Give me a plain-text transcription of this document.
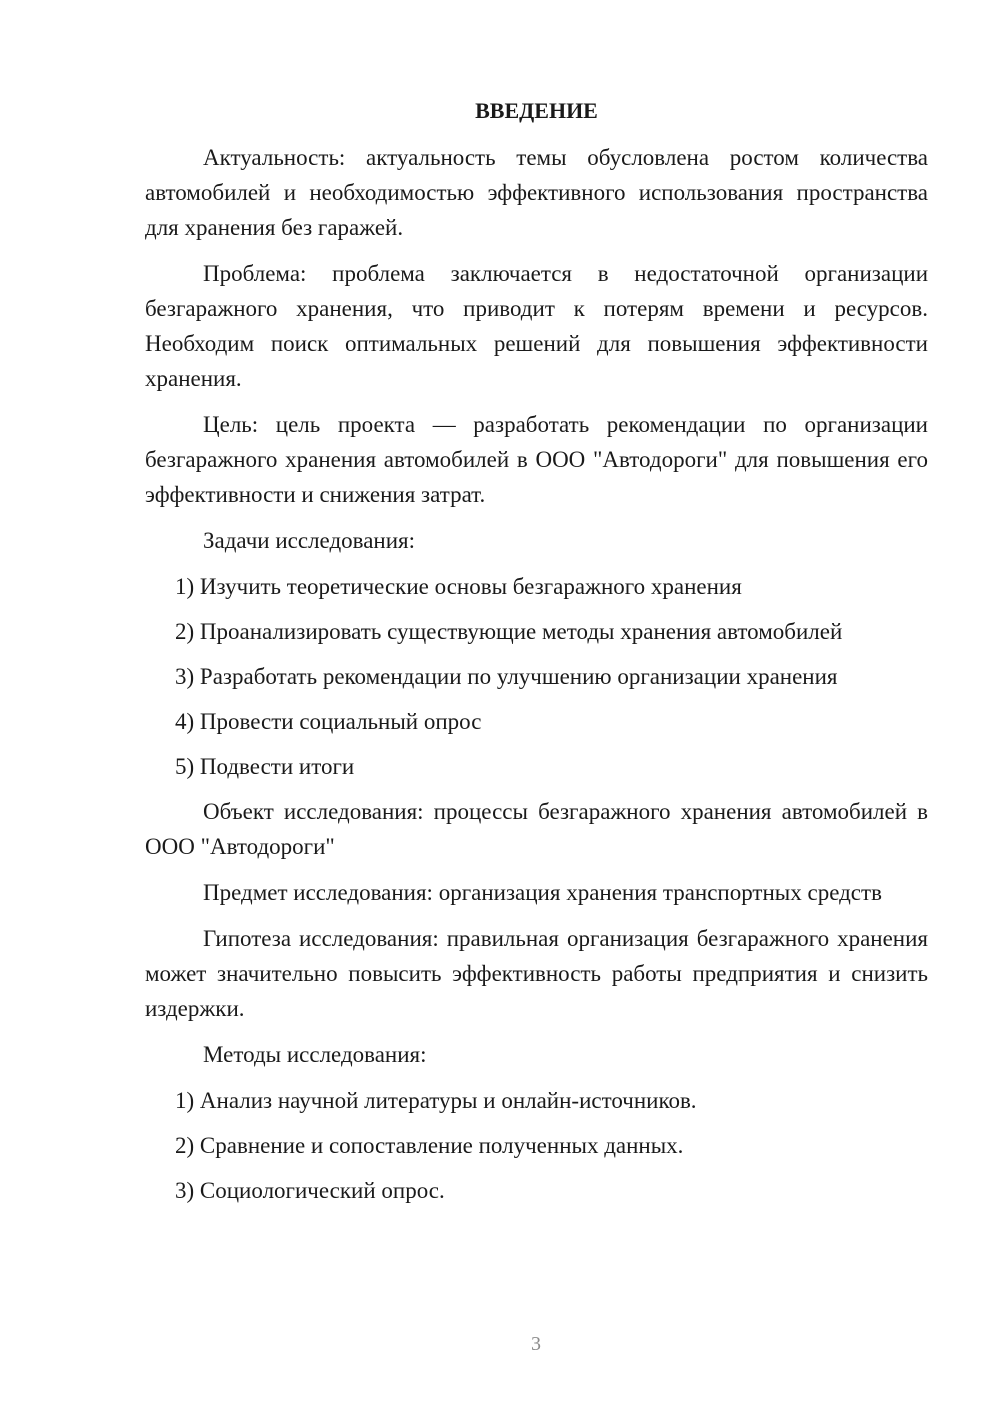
ВВЕДЕНИЕ

Актуальность: актуальность темы обусловлена ростом количества автомобилей и необходимостью эффективного использования пространства для хранения без гаражей.

Проблема: проблема заключается в недостаточной организации безгаражного хранения, что приводит к потерям времени и ресурсов. Необходим поиск оптимальных решений для повышения эффективности хранения.

Цель: цель проекта — разработать рекомендации по организации безгаражного хранения автомобилей в ООО "Автодороги" для повышения его эффективности и снижения затрат.

Задачи исследования:

1) Изучить теоретические основы безгаражного хранения
2) Проанализировать существующие методы хранения автомобилей
3) Разработать рекомендации по улучшению организации хранения
4) Провести социальный опрос
5) Подвести итоги

Объект исследования: процессы безгаражного хранения автомобилей в ООО "Автодороги"

Предмет исследования: организация хранения транспортных средств

Гипотеза исследования: правильная организация безгаражного хранения может значительно повысить эффективность работы предприятия и снизить издержки.

Методы исследования:

1) Анализ научной литературы и онлайн-источников.
2) Сравнение и сопоставление полученных данных.
3) Социологический опрос.
3
